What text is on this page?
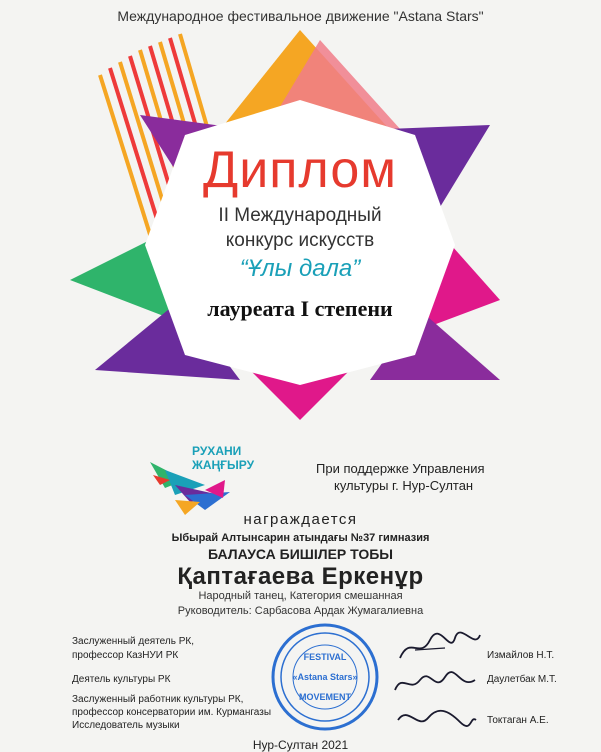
Международное фестивальное движение "Astana Stars"
Диплом
II Международный
конкурс искусств
“Ұлы дала”
лауреата I степени
РУХАНИ
ЖАҢҒЫРУ	При поддержке Управления
культуры г. Нур-Султан
награждается
Ыбырай Алтынсарин атындағы №37 гимназия
БАЛАУСА БИШІЛЕР ТОБЫ
Қаптағаева Еркенұр
Народный танец, Категория смешанная
Руководитель: Сарбасова Ардак Жумагалиевна
Заслуженный деятель РК,
профессор КазНУИ РК
Деятель культуры РК
Заслуженный работник культуры РК,
профессор консерватории им. Курмангазы
Исследователь музыки
FESTIVAL
«Astana Stars»
MOVEMENT
Измайлов Н.Т.
Даулетбак М.Т.
Токтаган А.Е.
Нур-Султан 2021
